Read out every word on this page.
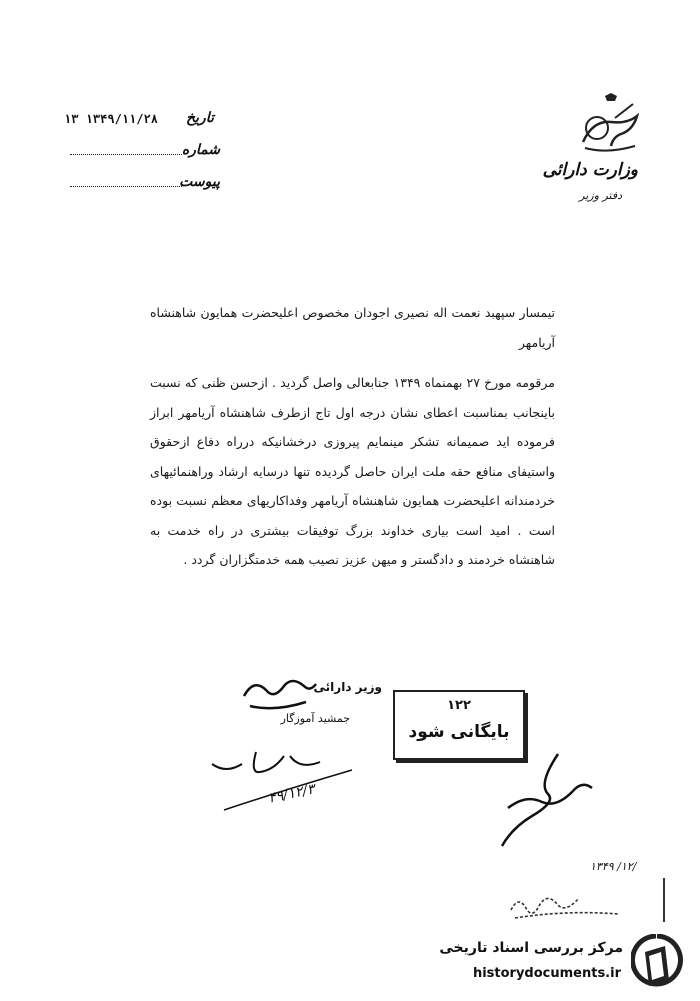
وزارت دارائی
دفتر وزیر
۱۳ ۱۳۴۹/۱۱/۲۸ تاریخ
شماره
پیوست
تیمسار سپهبد نعمت اله نصیری اجودان مخصوص اعلیحضرت همایون شاهنشاه آریامهر
مرقومه مورخ ۲۷ بهمنماه ۱۳۴۹ جنابعالی واصل گردید . ازحسن ظنی که نسبت باینجانب بمناسبت اعطای نشان درجه اول تاج ازطرف شاهنشاه آریامهر ابراز فرموده اید صمیمانه تشکر مینمایم پیروزی درخشانیکه درراه دفاع ازحقوق واستیفای منافع حقه ملت ایران حاصل گردیده تنها درسایه ارشاد وراهنمائیهای خردمندانه اعلیحضرت همایون شاهنشاه آریامهر وفداکاریهای معظم نسبت بوده است . امید است بیاری خداوند بزرگ توفیقات بیشتری در راه خدمت به شاهنشاه خردمند و دادگستر و میهن عزیز نصیب همه خدمتگزاران گردد .
وزیر دارائی
جمشید آموزگار
۴۹/۱۲/۳
۱۲۲
بایگانی شود
۱۳۴۹ /۱۲/
مرکز بررسی اسناد تاریخی
historydocuments.ir
